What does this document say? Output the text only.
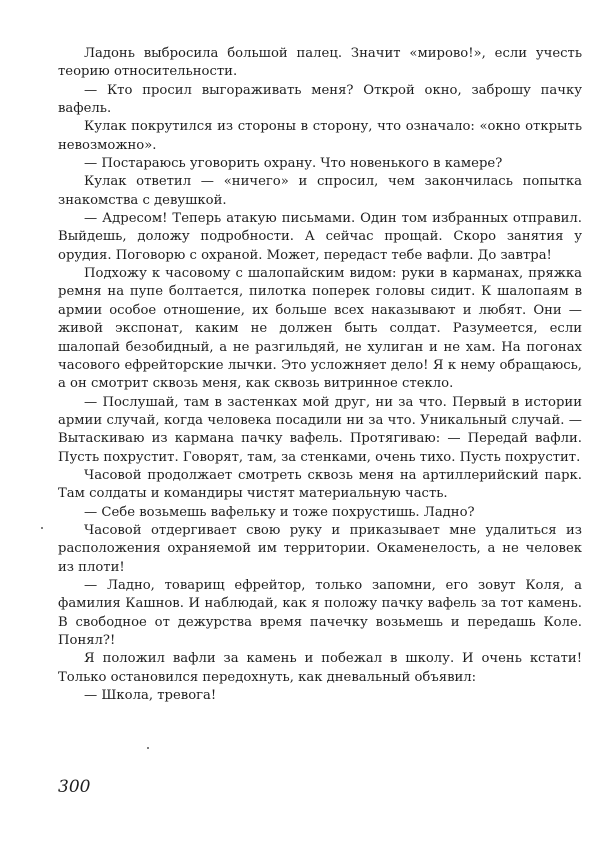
Ладонь выбросила большой палец. Значит «мирово!», если учесть теорию относительности.

— Кто просил выгораживать меня? Открой окно, заброшу пачку вафель.

Кулак покрутился из стороны в сторону, что означало: «окно открыть невозможно».

— Постараюсь уговорить охрану. Что новенького в камере?

Кулак ответил — «ничего» и спросил, чем закончилась попытка знакомства с девушкой.

— Адресом! Теперь атакую письмами. Один том избранных отправил. Выйдешь, доложу подробности. А сейчас прощай. Скоро занятия у орудия. Поговорю с охраной. Может, передаст тебе вафли. До завтра!

Подхожу к часовому с шалопайским видом: руки в карманах, пряжка ремня на пупе болтается, пилотка поперек головы сидит. К шалопаям в армии особое отношение, их больше всех наказывают и любят. Они — живой экспонат, каким не должен быть солдат. Разумеется, если шалопай безобидный, а не разгильдяй, не хулиган и не хам. На погонах часового ефрейторские лычки. Это усложняет дело! Я к нему обращаюсь, а он смотрит сквозь меня, как сквозь витринное стекло.

— Послушай, там в застенках мой друг, ни за что. Первый в истории армии случай, когда человека посадили ни за что. Уникальный случай. — Вытаскиваю из кармана пачку вафель. Протягиваю: — Передай вафли. Пусть похрустит. Говорят, там, за стенками, очень тихо. Пусть похрустит.

Часовой продолжает смотреть сквозь меня на артиллерийский парк. Там солдаты и командиры чистят материальную часть.

— Себе возьмешь вафельку и тоже похрустишь. Ладно?

Часовой отдергивает свою руку и приказывает мне удалиться из расположения охраняемой им территории. Окаменелость, а не человек из плоти!

— Ладно, товарищ ефрейтор, только запомни, его зовут Коля, а фамилия Кашнов. И наблюдай, как я положу пачку вафель за тот камень. В свободное от дежурства время пачечку возьмешь и передашь Коле. Понял?!

Я положил вафли за камень и побежал в школу. И очень кстати! Только остановился передохнуть, как дневальный объявил:

— Школа, тревога!

300
